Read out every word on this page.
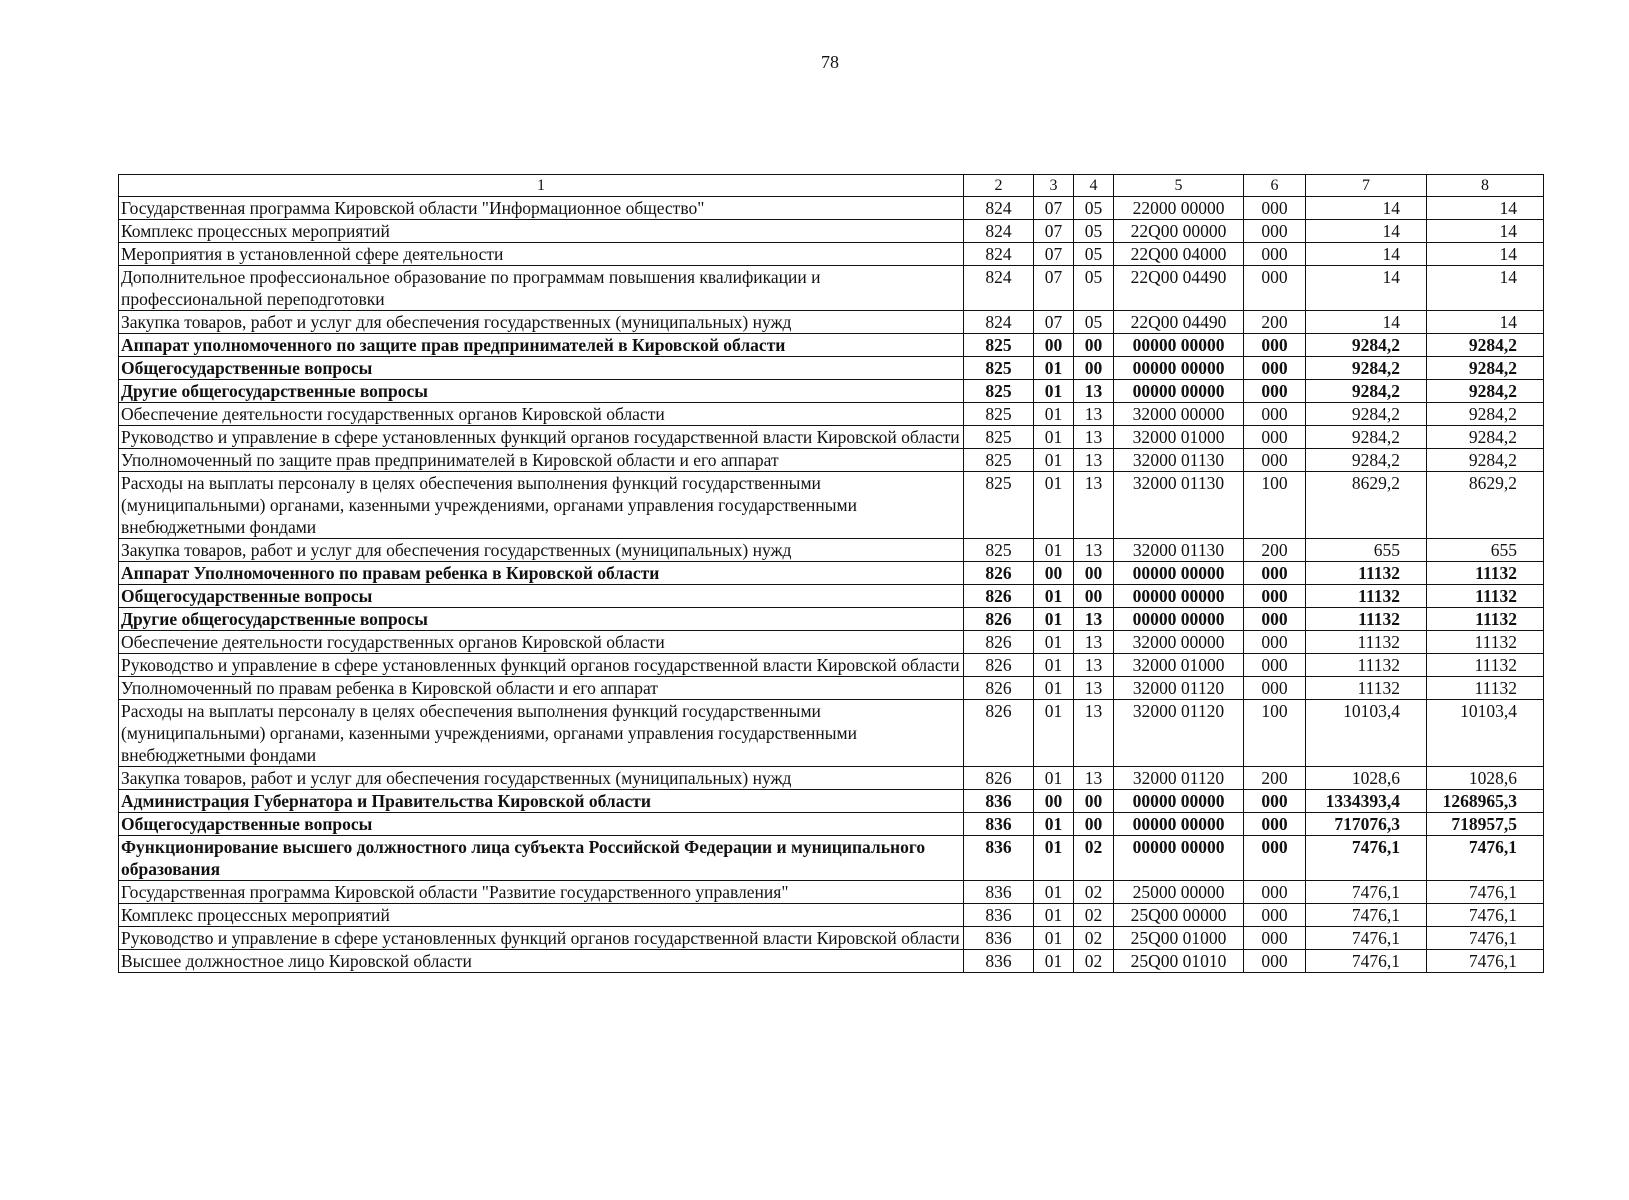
78
1	2	3	4	5	6	7	8
Государственная программа Кировской области "Информационное общество"	824	07	05	22000 00000	000	14	14
Комплекс процессных мероприятий	824	07	05	22Q00 00000	000	14	14
Мероприятия в установленной сфере деятельности	824	07	05	22Q00 04000	000	14	14
Дополнительное профессиональное образование по программам повышения квалификации и профессиональной переподготовки	824	07	05	22Q00 04490	000	14	14
Закупка товаров, работ и услуг для обеспечения государственных (муниципальных) нужд	824	07	05	22Q00 04490	200	14	14
Аппарат уполномоченного по защите прав предпринимателей в Кировской области	825	00	00	00000 00000	000	9284,2	9284,2
Общегосударственные вопросы	825	01	00	00000 00000	000	9284,2	9284,2
Другие общегосударственные вопросы	825	01	13	00000 00000	000	9284,2	9284,2
Обеспечение деятельности государственных органов Кировской области	825	01	13	32000 00000	000	9284,2	9284,2
Руководство и управление в сфере установленных функций органов государственной власти Кировской области	825	01	13	32000 01000	000	9284,2	9284,2
Уполномоченный по защите прав предпринимателей в Кировской области и его аппарат	825	01	13	32000 01130	000	9284,2	9284,2
Расходы на выплаты персоналу в целях обеспечения выполнения функций государственными (муниципальными) органами, казенными учреждениями, органами управления государственными внебюджетными фондами	825	01	13	32000 01130	100	8629,2	8629,2
Закупка товаров, работ и услуг для обеспечения государственных (муниципальных) нужд	825	01	13	32000 01130	200	655	655
Аппарат Уполномоченного по правам ребенка в Кировской области	826	00	00	00000 00000	000	11132	11132
Общегосударственные вопросы	826	01	00	00000 00000	000	11132	11132
Другие общегосударственные вопросы	826	01	13	00000 00000	000	11132	11132
Обеспечение деятельности государственных органов Кировской области	826	01	13	32000 00000	000	11132	11132
Руководство и управление в сфере установленных функций органов государственной власти Кировской области	826	01	13	32000 01000	000	11132	11132
Уполномоченный по правам ребенка в Кировской области и его аппарат	826	01	13	32000 01120	000	11132	11132
Расходы на выплаты персоналу в целях обеспечения выполнения функций государственными (муниципальными) органами, казенными учреждениями, органами управления государственными внебюджетными фондами	826	01	13	32000 01120	100	10103,4	10103,4
Закупка товаров, работ и услуг для обеспечения государственных (муниципальных) нужд	826	01	13	32000 01120	200	1028,6	1028,6
Администрация Губернатора и Правительства Кировской области	836	00	00	00000 00000	000	1334393,4	1268965,3
Общегосударственные вопросы	836	01	00	00000 00000	000	717076,3	718957,5
Функционирование высшего должностного лица субъекта Российской Федерации и муниципального образования	836	01	02	00000 00000	000	7476,1	7476,1
Государственная программа Кировской области "Развитие государственного управления"	836	01	02	25000 00000	000	7476,1	7476,1
Комплекс процессных мероприятий	836	01	02	25Q00 00000	000	7476,1	7476,1
Руководство и управление в сфере установленных функций органов государственной власти Кировской области	836	01	02	25Q00 01000	000	7476,1	7476,1
Высшее должностное лицо Кировской области	836	01	02	25Q00 01010	000	7476,1	7476,1
